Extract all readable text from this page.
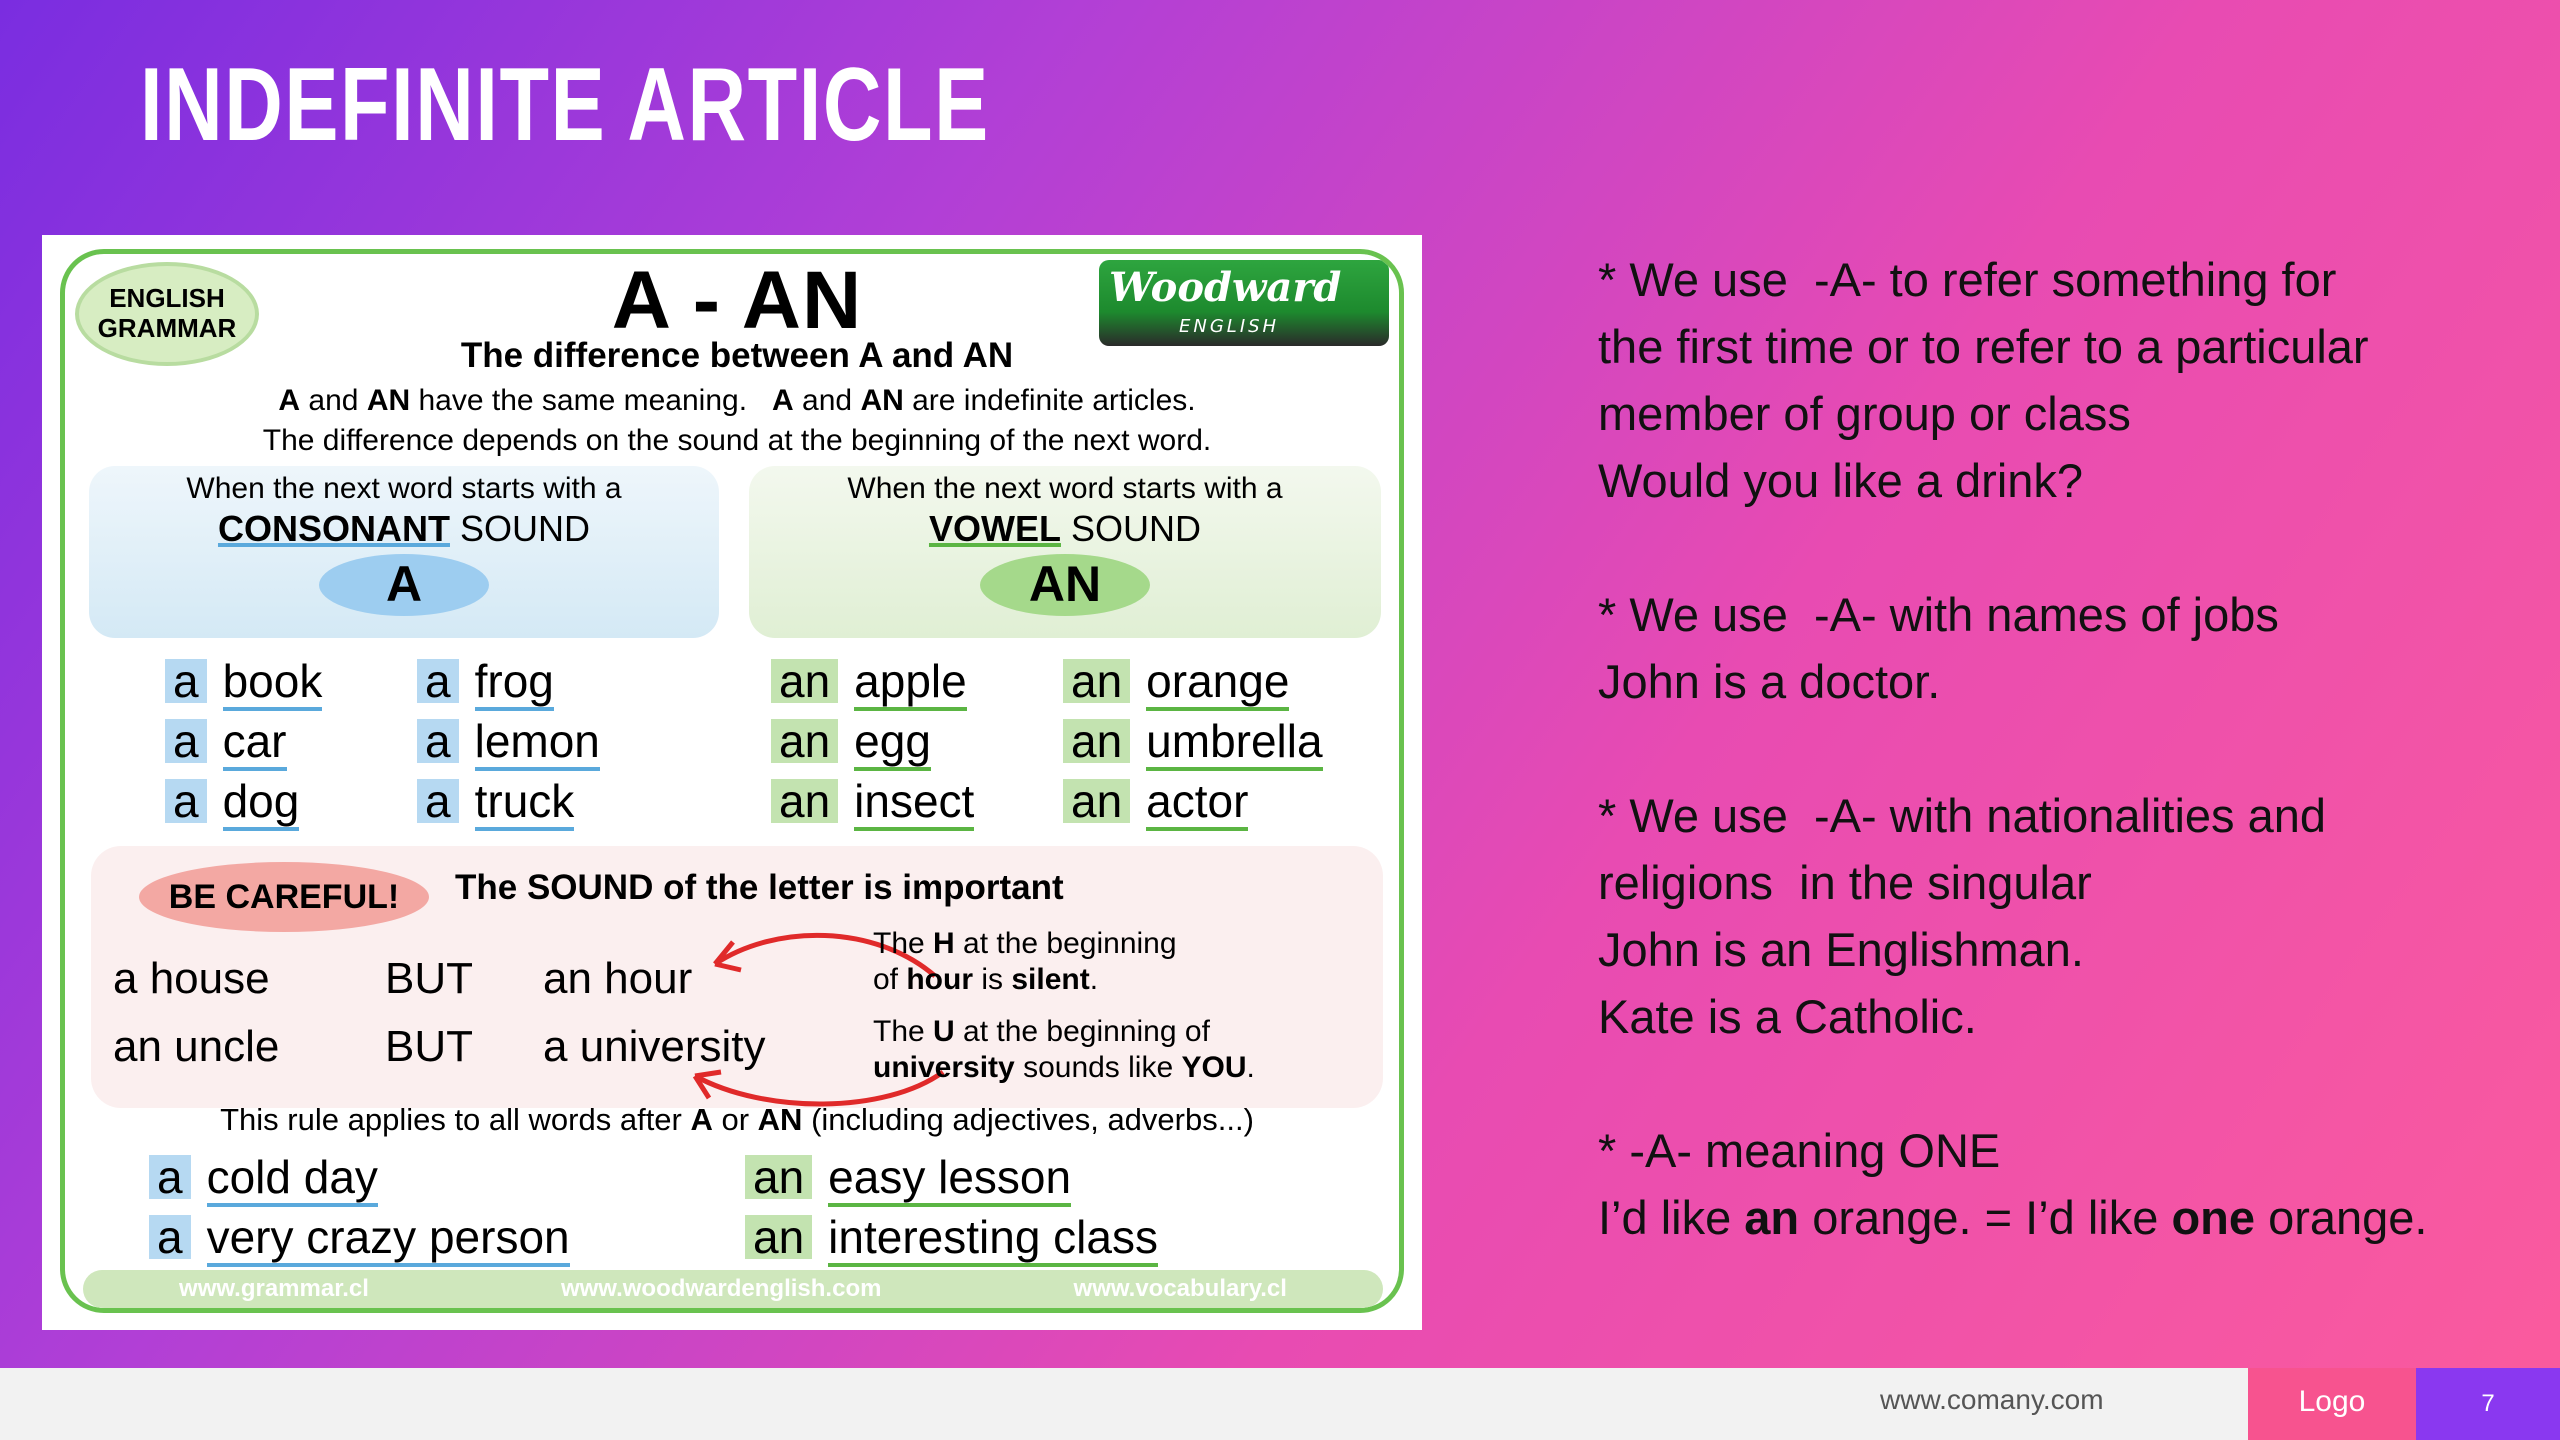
INDEFINITE ARTICLE
ENGLISH
GRAMMAR	A - AN
The difference between A and AN
Woodward
ENGLISH
A and AN have the same meaning.   A and AN are indefinite articles.
The difference depends on the sound at the beginning of the next word.
When the next word starts with a
CONSONANT SOUND
A
When the next word starts with a
VOWEL SOUND
AN
a book a frog	an apple an orange
a car	a lemon	an egg	an umbrella
a dog	a truck	an insect an actor
BE CAREFUL!	The SOUND of the letter is important
a house	BUT an hour
an uncle BUT a university
The H at the beginning
of hour is silent.
The U at the beginning of
university sounds like YOU.
This rule applies to all words after A or AN (including adjectives, adverbs...)
a cold day	an easy lesson
a very crazy person	an interesting class
www.grammar.cl	www.woodwardenglish.com	www.vocabulary.cl
* We use  -A- to refer something for
the first time or to refer to a particular
member of group or class
Would you like a drink?
* We use  -A- with names of jobs
John is a doctor.
* We use  -A- with nationalities and
religions  in the singular
John is an Englishman.
Kate is a Catholic.
* -A- meaning ONE
I’d like an orange. = I’d like one orange.
www.comany.com	Logo	7
